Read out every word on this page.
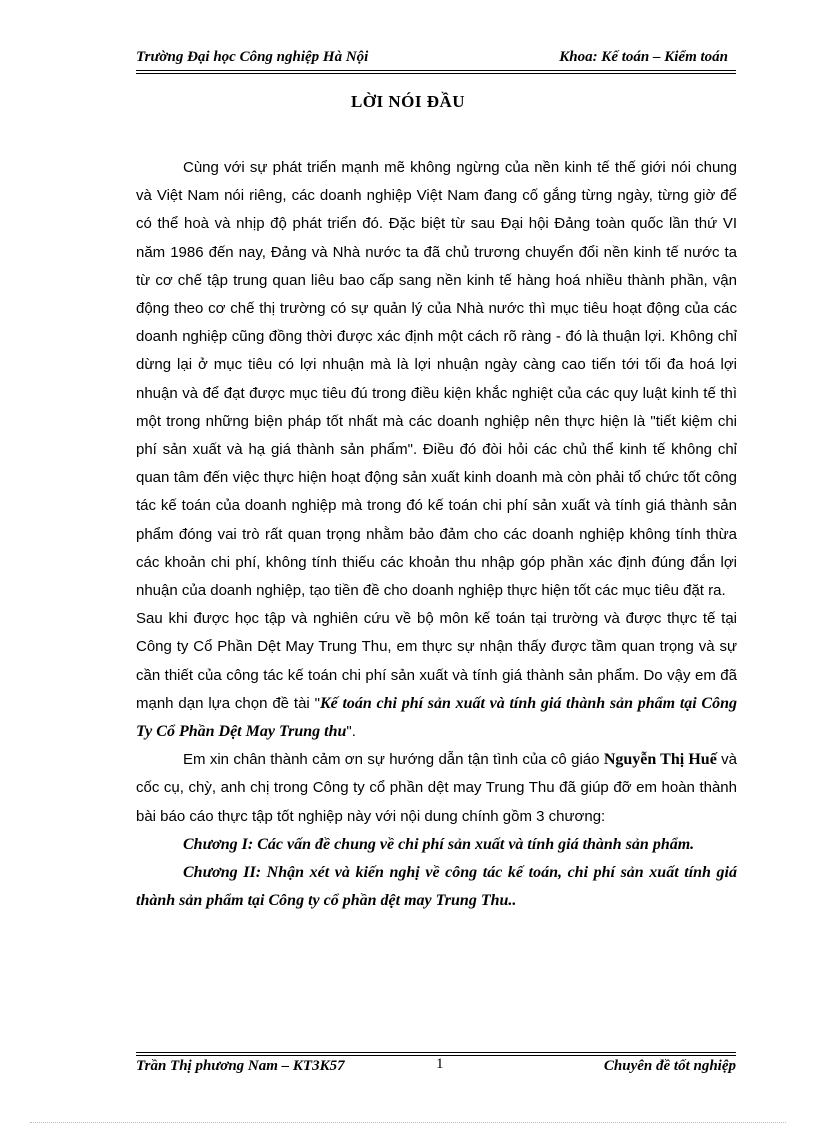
Trường Đại học Công nghiệp Hà Nội	Khoa: Kế toán – Kiểm toán
LỜI NÓI ĐẦU

Cùng với sự phát triển mạnh mẽ không ngừng của nền kinh tế thế giới nói chung và Việt Nam nói riêng, các doanh nghiệp Việt Nam đang cố gắng từng ngày, từng giờ để có thể hoà và nhịp độ phát triển đó. Đặc biệt từ sau Đại hội Đảng toàn quốc lần thứ VI năm 1986 đến nay, Đảng và Nhà nước ta đã chủ trương chuyển đổi nền kinh tế nước ta từ cơ chế tập trung quan liêu bao cấp sang nền kinh tế hàng hoá nhiều thành phần, vận động theo cơ chế thị trường có sự quản lý của Nhà nước thì mục tiêu hoạt động của các doanh nghiệp cũng đồng thời được xác định một cách rõ ràng - đó là thuận lợi. Không chỉ dừng lại ở mục tiêu có lợi nhuận mà là lợi nhuận ngày càng cao tiến tới tối đa hoá lợi nhuận và để đạt được mục tiêu đú trong điều kiện khắc nghiệt của các quy luật kinh tế thì một trong những biện pháp tốt nhất mà các doanh nghiệp nên thực hiện là "tiết kiệm chi phí sản xuất và hạ giá thành sản phẩm". Điều đó đòi hỏi các chủ thể kinh tế không chỉ quan tâm đến việc thực hiện hoạt động sản xuất kinh doanh mà còn phải tổ chức tốt công tác kế toán của doanh nghiệp mà trong đó kế toán chi phí sản xuất và tính giá thành sản phẩm đóng vai trò rất quan trọng nhằm bảo đảm cho các doanh nghiệp không tính thừa các khoản chi phí, không tính thiếu các khoản thu nhập góp phần xác định đúng đắn lợi nhuận của doanh nghiệp, tạo tiền đề cho doanh nghiệp thực hiện tốt các mục tiêu đặt ra.

Sau khi được học tập và nghiên cứu về bộ môn kế toán tại trường và được thực tế tại Công ty Cổ Phần Dệt May Trung Thu, em thực sự nhận thấy được tầm quan trọng và sự cần thiết của công tác kế toán chi phí sản xuất và tính giá thành sản phẩm. Do vậy em đã mạnh dạn lựa chọn đề tài "Kế toán chi phí sản xuất và tính giá thành sản phẩm tại Công Ty Cổ Phần Dệt May Trung thu".

Em xin chân thành cảm ơn sự hướng dẫn tận tình của cô giáo Nguyễn Thị Huế và cốc cụ, chỳ, anh chị trong Công ty cổ phần dệt may Trung Thu đã giúp đỡ em hoàn thành bài báo cáo thực tập tốt nghiệp này với nội dung chính gồm 3 chương:

Chương I: Các vấn đề chung về chi phí sản xuất và tính giá thành sản phẩm.

Chương II: Nhận xét và kiến nghị về công tác kế toán, chi phí sản xuất tính giá thành sản phẩm tại Công ty cổ phần dệt may Trung Thu..

Trần Thị phương Nam – KT3K57	1	Chuyên đề tốt nghiệp
